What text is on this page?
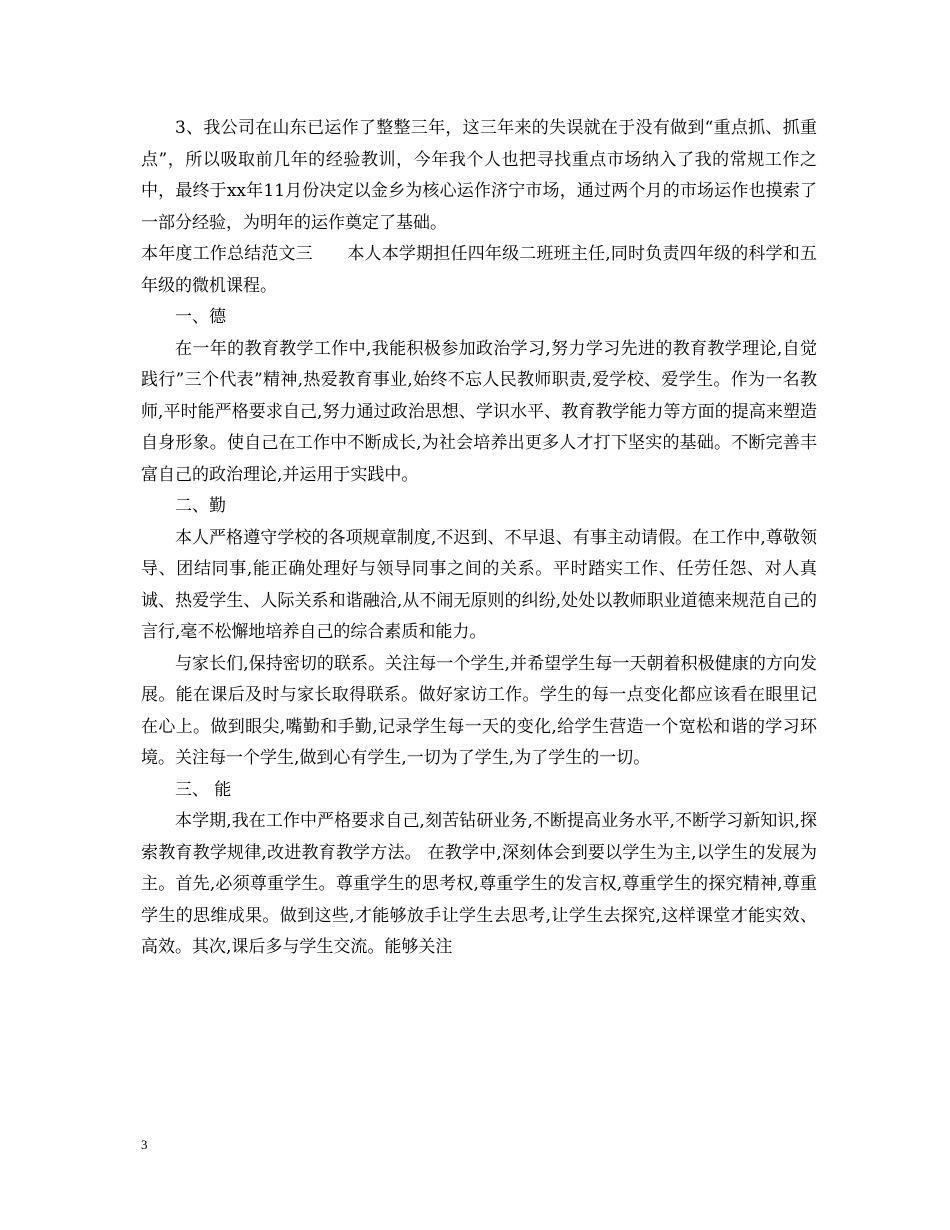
3、我公司在山东已运作了整整三年，这三年来的失误就在于没有做到“重点抓、抓重点”，所以吸取前几年的经验教训，今年我个人也把寻找重点市场纳入了我的常规工作之中，最终于xx年11月份决定以金乡为核心运作济宁市场，通过两个月的市场运作也摸索了一部分经验，为明年的运作奠定了基础。

本年度工作总结范文三　　本人本学期担任四年级二班班主任,同时负责四年级的科学和五年级的微机课程。

一、德

在一年的教育教学工作中,我能积极参加政治学习,努力学习先进的教育教学理论,自觉践行”三个代表”精神,热爱教育事业,始终不忘人民教师职责,爱学校、爱学生。作为一名教师,平时能严格要求自己,努力通过政治思想、学识水平、教育教学能力等方面的提高来塑造自身形象。使自己在工作中不断成长,为社会培养出更多人才打下坚实的基础。不断完善丰富自己的政治理论,并运用于实践中。

二、勤

本人严格遵守学校的各项规章制度,不迟到、不早退、有事主动请假。在工作中,尊敬领导、团结同事,能正确处理好与领导同事之间的关系。平时踏实工作、任劳任怨、对人真诚、热爱学生、人际关系和谐融洽,从不闹无原则的纠纷,处处以教师职业道德来规范自己的言行,毫不松懈地培养自己的综合素质和能力。

与家长们,保持密切的联系。关注每一个学生,并希望学生每一天朝着积极健康的方向发展。能在课后及时与家长取得联系。做好家访工作。学生的每一点变化都应该看在眼里记在心上。做到眼尖,嘴勤和手勤,记录学生每一天的变化,给学生营造一个宽松和谐的学习环境。关注每一个学生,做到心有学生,一切为了学生,为了学生的一切。

三、 能

本学期,我在工作中严格要求自己,刻苦钻研业务,不断提高业务水平,不断学习新知识,探索教育教学规律,改进教育教学方法。 在教学中,深刻体会到要以学生为主,以学生的发展为主。首先,必须尊重学生。尊重学生的思考权,尊重学生的发言权,尊重学生的探究精神,尊重学生的思维成果。做到这些,才能够放手让学生去思考,让学生去探究,这样课堂才能实效、高效。其次,课后多与学生交流。能够关注

3
